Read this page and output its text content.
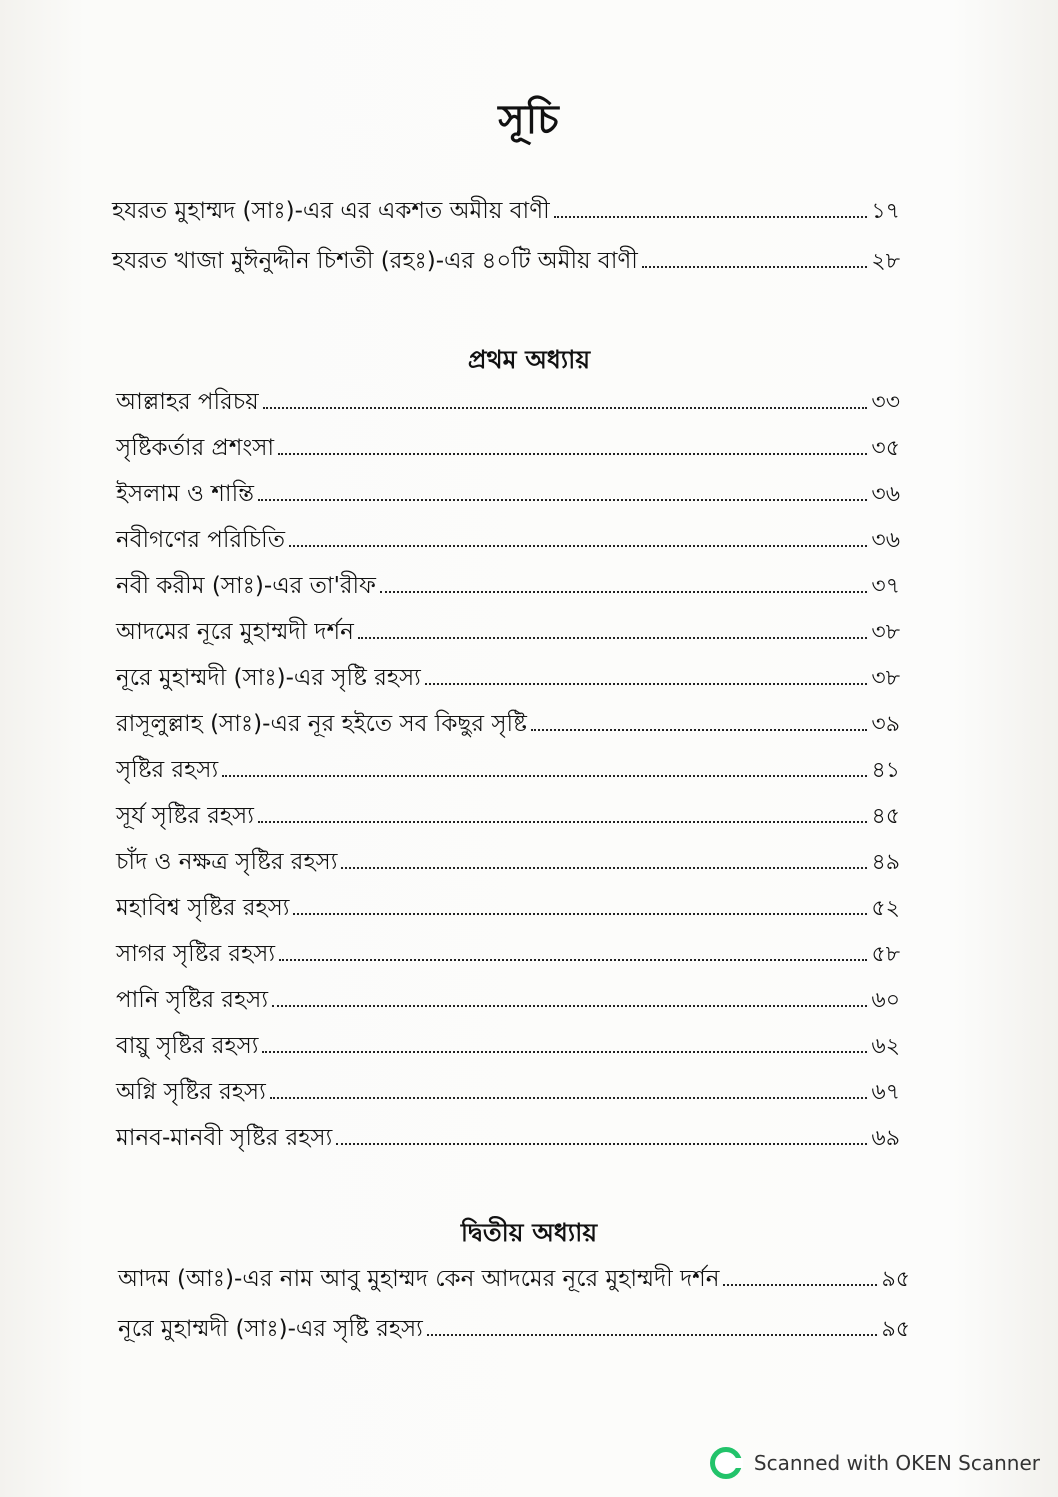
সূচি
হযরত মুহাম্মদ (সাঃ)-এর এর একশত অমীয় বাণী	১৭
হযরত খাজা মুঈনুদ্দীন চিশতী (রহঃ)-এর ৪০টি অমীয় বাণী	২৮
প্রথম অধ্যায়
আল্লাহর পরিচয়	৩৩
সৃষ্টিকর্তার প্রশংসা	৩৫
ইসলাম ও শান্তি	৩৬
নবীগণের পরিচিতি	৩৬
নবী করীম (সাঃ)-এর তা'রীফ	৩৭
আদমের নূরে মুহাম্মদী দর্শন	৩৮
নূরে মুহাম্মদী (সাঃ)-এর সৃষ্টি রহস্য	৩৮
রাসূলুল্লাহ (সাঃ)-এর নূর হইতে সব কিছুর সৃষ্টি	৩৯
সৃষ্টির রহস্য	৪১
সূর্য সৃষ্টির রহস্য	৪৫
চাঁদ ও নক্ষত্র সৃষ্টির রহস্য	৪৯
মহাবিশ্ব সৃষ্টির রহস্য	৫২
সাগর সৃষ্টির রহস্য	৫৮
পানি সৃষ্টির রহস্য	৬০
বায়ু সৃষ্টির রহস্য	৬২
অগ্নি সৃষ্টির রহস্য	৬৭
মানব-মানবী সৃষ্টির রহস্য	৬৯
দ্বিতীয় অধ্যায়
আদম (আঃ)-এর নাম আবু মুহাম্মদ কেন আদমের নূরে মুহাম্মদী দর্শন	৯৫
নূরে মুহাম্মদী (সাঃ)-এর সৃষ্টি রহস্য	৯৫
Scanned with OKEN Scanner
